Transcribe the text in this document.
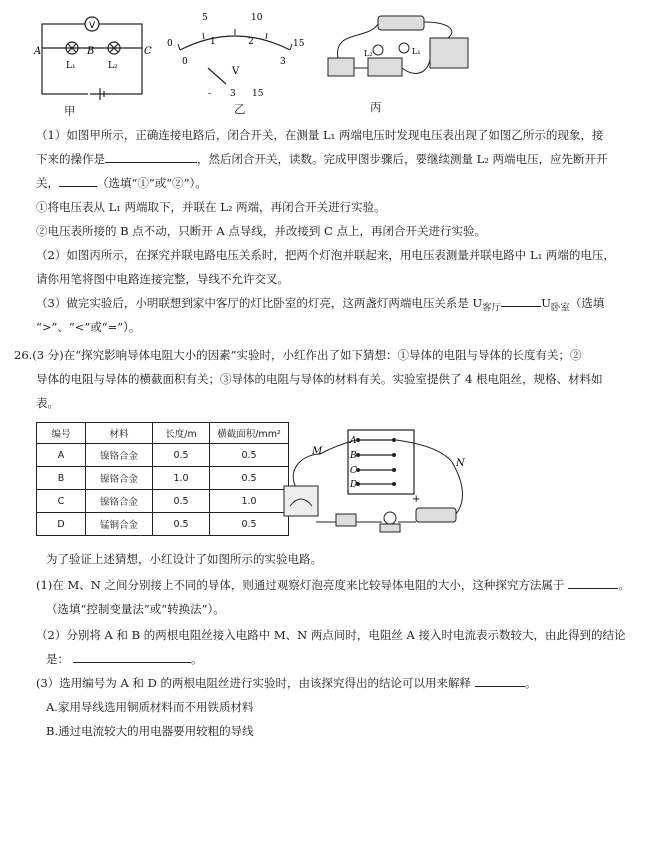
V
A	B	C
L₁	L₂
甲
0
5	10
15
0
1	2
3
V
- 3 15
乙
L₂	L₁
丙
（1）如图甲所示，正确连接电路后，闭合开关，在测量 L₁ 两端电压时发现电压表出现了如图乙所示的现象，接
下来的操作是	，然后闭合开关，读数。完成甲图步骤后，要继续测量 L₂ 两端电压，应先断开开
关，	（选填“①”或“②”）。
①将电压表从 L₁ 两端取下，并联在 L₂ 两端，再闭合开关进行实验。
②电压表所接的 B 点不动，只断开 A 点导线，并改接到 C 点上，再闭合开关进行实验。
（2）如图丙所示，在探究并联电路电压关系时，把两个灯泡并联起来，用电压表测量并联电路中 L₁ 两端的电压，
请你用笔将图中电路连接完整，导线不允许交叉。
（3）做完实验后，小明联想到家中客厅的灯比卧室的灯亮，这两盏灯两端电压关系是 $U_{客厅}$	$U_{卧室}$（选填
“>”、“<”或“=”）。
26.(3 分)在“探究影响导体电阻大小的因素”实验时，小红作出了如下猜想：①导体的电阻与导体的长度有关；②
导体的电阻与导体的横截面积有关；③导体的电阻与导体的材料有关。实验室提供了 4 根电阻丝，规格、材料如
表。
编号	材料	长度/m	横截面积/mm²
A	镍铬合金	0.5	0.5
B	镍铬合金	1.0	0.5
C	镍铬合金	0.5	1.0
D	锰铜合金	0.5	0.5
+
M
N
A
B
C
D
为了验证上述猜想，小红设计了如图所示的实验电路。
(1)在 M、N 之间分别接上不同的导体，则通过观察灯泡亮度来比较导体电阻的大小，这种探究方法属于	。
（选填“控制变量法”或“转换法”）。
（2）分别将 A 和 B 的两根电阻丝接入电路中 M、N 两点间时，电阻丝 A 接入时电流表示数较大，由此得到的结论
是：	。
(3）选用编号为 A 和 D 的两根电阻丝进行实验时，由该探究得出的结论可以用来解释	。
A.家用导线选用铜质材料而不用铁质材料
B.通过电流较大的用电器要用较粗的导线
